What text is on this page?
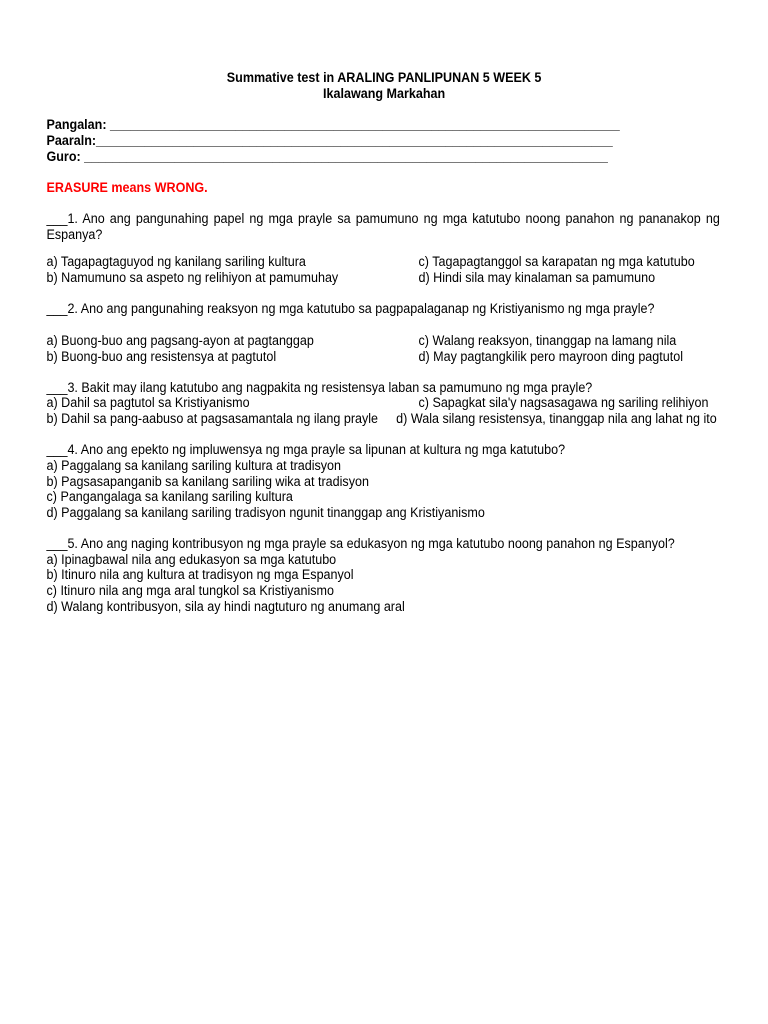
Summative test in ARALING PANLIPUNAN 5 WEEK 5
Ikalawang Markahan
Pangalan: _________________________________________________________________________
Paaraln:__________________________________________________________________________
Guro: ___________________________________________________________________________
ERASURE means WRONG.
___1. Ano ang pangunahing papel ng mga prayle sa pamumuno ng mga katutubo noong panahon ng pananakop ng Espanya?
a) Tagapagtaguyod ng kanilang sariling kultura	c) Tagapagtanggol sa karapatan ng mga katutubo
b) Namumuno sa aspeto ng relihiyon at pamumuhay	d) Hindi sila may kinalaman sa pamumuno
___2. Ano ang pangunahing reaksyon ng mga katutubo sa pagpapalaganap ng Kristiyanismo ng mga prayle?
a) Buong-buo ang pagsang-ayon at pagtanggap	c) Walang reaksyon, tinanggap na lamang nila
b) Buong-buo ang resistensya at pagtutol	d) May pagtangkilik pero mayroon ding pagtutol
___3. Bakit may ilang katutubo ang nagpakita ng resistensya laban sa pamumuno ng mga prayle?
a) Dahil sa pagtutol sa Kristiyanismo	c) Sapagkat sila'y nagsasagawa ng sariling relihiyon
b) Dahil sa pang-aabuso at pagsasamantala ng ilang prayle d) Wala silang resistensya, tinanggap nila ang lahat ng ito
___4. Ano ang epekto ng impluwensya ng mga prayle sa lipunan at kultura ng mga katutubo?
a) Paggalang sa kanilang sariling kultura at tradisyon
b) Pagsasapanganib sa kanilang sariling wika at tradisyon
c) Pangangalaga sa kanilang sariling kultura
d) Paggalang sa kanilang sariling tradisyon ngunit tinanggap ang Kristiyanismo
___5. Ano ang naging kontribusyon ng mga prayle sa edukasyon ng mga katutubo noong panahon ng Espanyol?
a) Ipinagbawal nila ang edukasyon sa mga katutubo
b) Itinuro nila ang kultura at tradisyon ng mga Espanyol
c) Itinuro nila ang mga aral tungkol sa Kristiyanismo
d) Walang kontribusyon, sila ay hindi nagtuturo ng anumang aral
